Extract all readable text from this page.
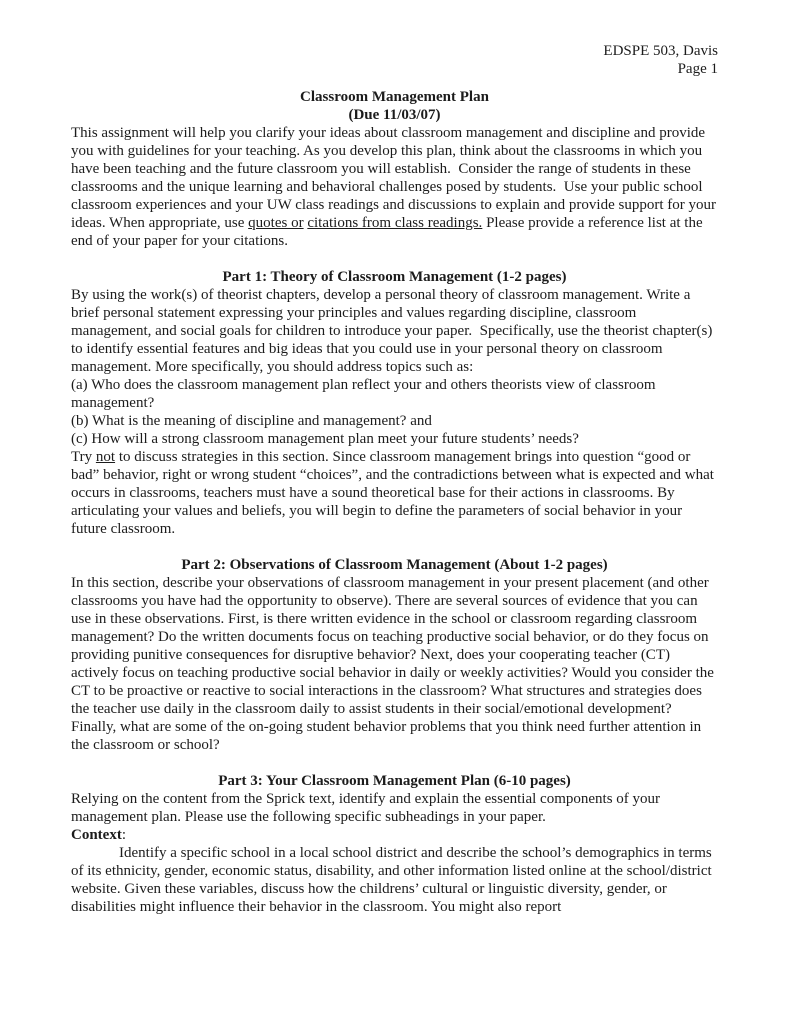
EDSPE 503, Davis
Page 1
Classroom Management Plan
(Due 11/03/07)

This assignment will help you clarify your ideas about classroom management and discipline and provide you with guidelines for your teaching. As you develop this plan, think about the classrooms in which you have been teaching and the future classroom you will establish.  Consider the range of students in these classrooms and the unique learning and behavioral challenges posed by students.  Use your public school classroom experiences and your UW class readings and discussions to explain and provide support for your ideas. When appropriate, use quotes or citations from class readings. Please provide a reference list at the end of your paper for your citations.

Part 1: Theory of Classroom Management (1-2 pages)

By using the work(s) of theorist chapters, develop a personal theory of classroom management. Write a brief personal statement expressing your principles and values regarding discipline, classroom management, and social goals for children to introduce your paper.  Specifically, use the theorist chapter(s) to identify essential features and big ideas that you could use in your personal theory on classroom management. More specifically, you should address topics such as:

(a) Who does the classroom management plan reflect your and others theorists view of classroom management?

(b) What is the meaning of discipline and management? and

(c) How will a strong classroom management plan meet your future students’ needs?

Try not to discuss strategies in this section. Since classroom management brings into question “good or bad” behavior, right or wrong student “choices”, and the contradictions between what is expected and what occurs in classrooms, teachers must have a sound theoretical base for their actions in classrooms. By articulating your values and beliefs, you will begin to define the parameters of social behavior in your future classroom.

Part 2: Observations of Classroom Management (About 1-2 pages)

In this section, describe your observations of classroom management in your present placement (and other classrooms you have had the opportunity to observe). There are several sources of evidence that you can use in these observations. First, is there written evidence in the school or classroom regarding classroom management? Do the written documents focus on teaching productive social behavior, or do they focus on providing punitive consequences for disruptive behavior? Next, does your cooperating teacher (CT) actively focus on teaching productive social behavior in daily or weekly activities? Would you consider the CT to be proactive or reactive to social interactions in the classroom? What structures and strategies does the teacher use daily in the classroom daily to assist students in their social/emotional development? Finally, what are some of the on-going student behavior problems that you think need further attention in the classroom or school?

Part 3: Your Classroom Management Plan (6-10 pages)

Relying on the content from the Sprick text, identify and explain the essential components of your management plan. Please use the following specific subheadings in your paper.

Context:

Identify a specific school in a local school district and describe the school’s demographics in terms of its ethnicity, gender, economic status, disability, and other information listed online at the school/district website. Given these variables, discuss how the childrens’ cultural or linguistic diversity, gender, or disabilities might influence their behavior in the classroom. You might also report
